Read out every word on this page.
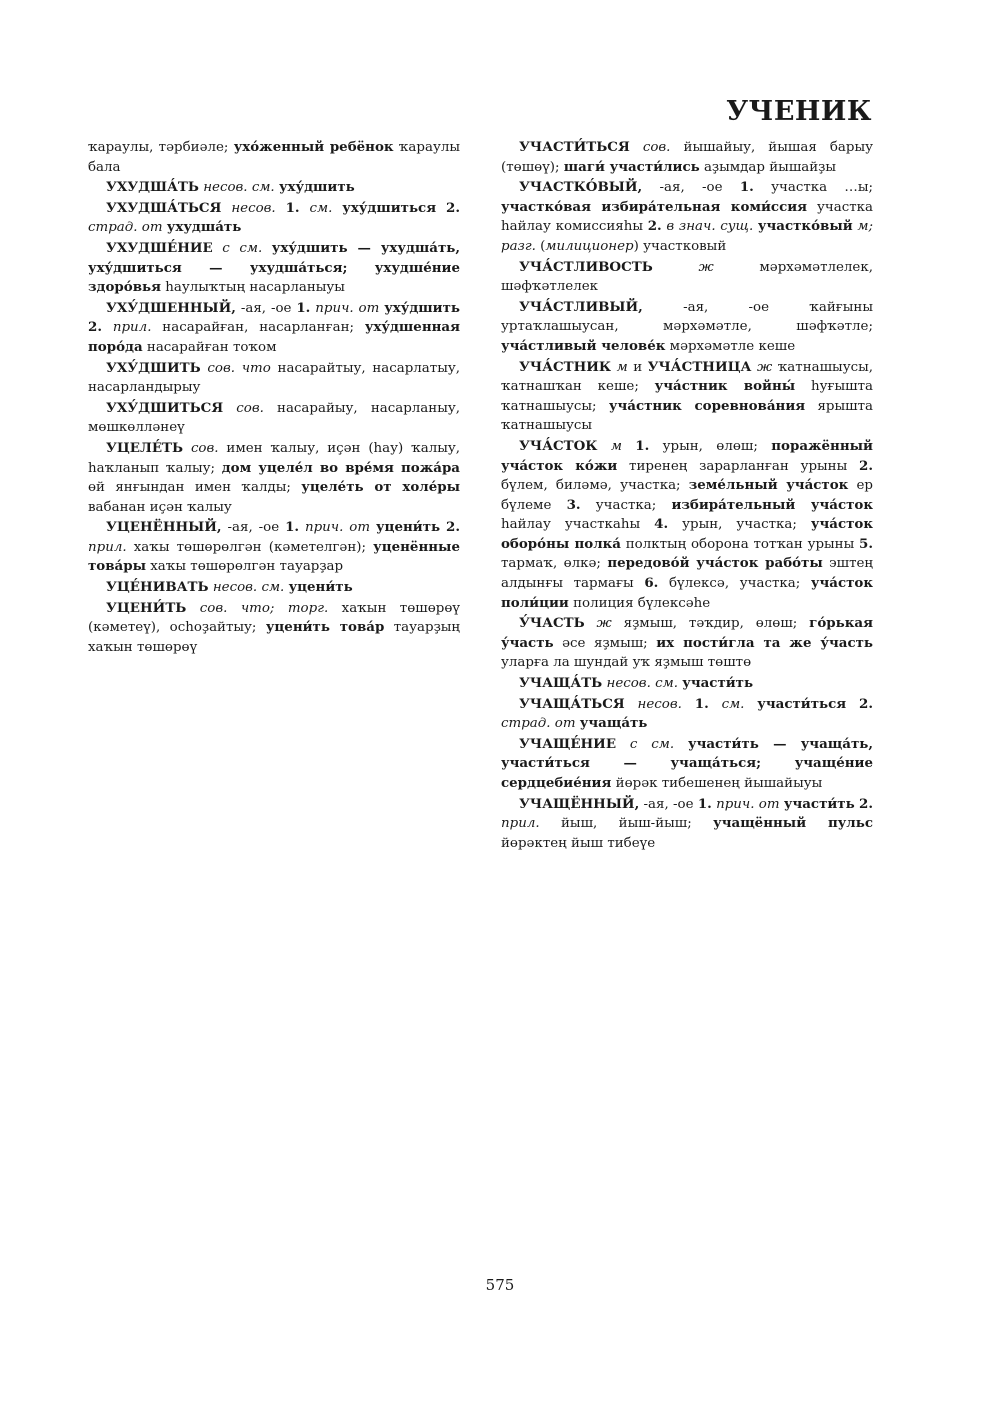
УЧЕНИК

ҡараулы, тәрбиәле; ухо́женный ребёнок ҡараулы бала

УХУДША́ТЬ несов. см. уху́дшить

УХУДША́ТЬСЯ несов. 1. см. уху́дшиться 2. страд. от ухудша́ть

УХУДШЕ́НИЕ с см. уху́дшить — ухудша́ть, уху́дшиться — ухудша́ться; ухудше́ние здоро́вья һаулыҡтың насарланыуы

УХУ́ДШЕННЫЙ, -ая, -ое 1. прич. от уху́дшить 2. прил. насарайған, насарланған; уху́дшенная поро́да насарайған тоҡом

УХУ́ДШИТЬ сов. что насарайтыу, насарлатыу, насарландырыу

УХУ́ДШИТЬСЯ сов. насарайыу, насарланыу, мөшкөлләнеү

УЦЕЛЕ́ТЬ сов. имен ҡалыу, иҫән (һау) ҡалыу, һаҡланып ҡалыу; дом уцеле́л во вре́мя пожа́ра өй янғындан имен ҡалды; уцеле́ть от холе́ры вабанан иҫән ҡалыу

УЦЕНЁННЫЙ, -ая, -ое 1. прич. от уцени́ть 2. прил. хаҡы төшөрөлгән (кәметелгән); уценённые това́ры хаҡы төшөрөлгән тауарҙар

УЦЕ́НИВАТЬ несов. см. уцени́ть

УЦЕНИ́ТЬ сов. что; торг. хаҡын төшөрөү (кәметеү), осһоҙайтыу; уцени́ть това́р тауарҙың хаҡын төшөрөү

УЧАСТИ́ТЬСЯ сов. йышайыу, йышая барыу (төшөү); шаги́ участи́лись аҙымдар йышайҙы

УЧАСТКО́ВЫЙ, -ая, -ое 1. участка …ы; участко́вая избира́тельная коми́ссия участка һайлау комиссияһы 2. в знач. сущ. участко́вый м; разг. (милиционер) участковый

УЧА́СТЛИВОСТЬ	ж мәрхәмәтлелек, шәфҡәтлелек

УЧА́СТЛИВЫЙ, -ая, -ое ҡайғыны уртаҡлашыусан, мәрхәмәтле, шәфҡәтле; уча́стливый челове́к мәрхәмәтле кеше

УЧА́СТНИК м и УЧА́СТНИЦА ж ҡатнашыусы, ҡатнашҡан кеше; уча́стник войны́ һуғышта ҡатнашыусы; уча́стник соревнова́ния ярышта ҡатнашыусы

УЧА́СТОК м 1. урын, өлөш; поражённый уча́сток ко́жи тиренең зарарланған урыны 2. бүлем, биләмә, участка; земе́льный уча́сток ер бүлеме 3. участка; избира́тельный уча́сток һайлау участкаһы 4. урын, участка; уча́сток оборо́ны полка́ полктың оборона тотҡан урыны 5. тармаҡ, өлкә; передово́й уча́сток рабо́ты эштең алдынғы тармағы 6. бүлексә, участка; уча́сток поли́ции полиция бүлексәһе

У́ЧАСТЬ ж яҙмыш, тәҡдир, өлөш; го́рькая у́часть әсе яҙмыш; их пости́гла та же у́часть уларға ла шундай уҡ яҙмыш төштө

УЧАЩА́ТЬ несов. см. участи́ть

УЧАЩА́ТЬСЯ несов. 1. см. участи́ться 2. страд. от учаща́ть

УЧАЩЕ́НИЕ с см. участи́ть — учаща́ть, участи́ться — учаща́ться; учаще́ние сердцебие́ния йөрәк тибешенең йышайыуы

УЧАЩЁННЫЙ, -ая, -ое 1. прич. от участи́ть 2. прил. йыш, йыш-йыш; учащённый пульс йөрәктең йыш тибеүе

575
